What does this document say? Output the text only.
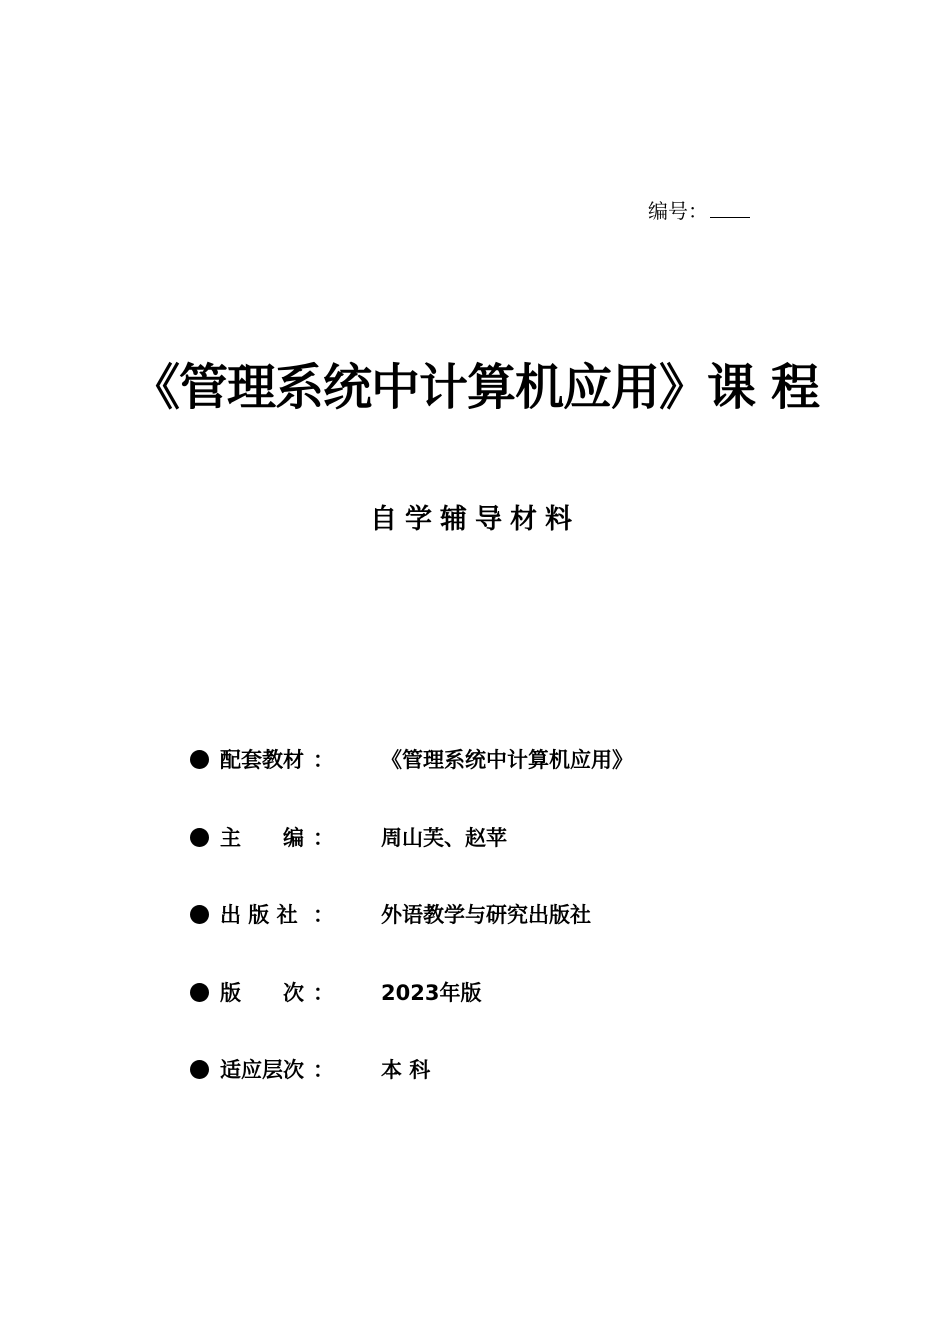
编号：
《管理系统中计算机应用》课 程
自学辅导材料
配套教材 ： 《管理系统中计算机应用》
主　　编 ： 周山芙、赵苹
出 版 社 ： 外语教学与研究出版社
版　　次 ： 2023年版
适应层次 ： 本 科
